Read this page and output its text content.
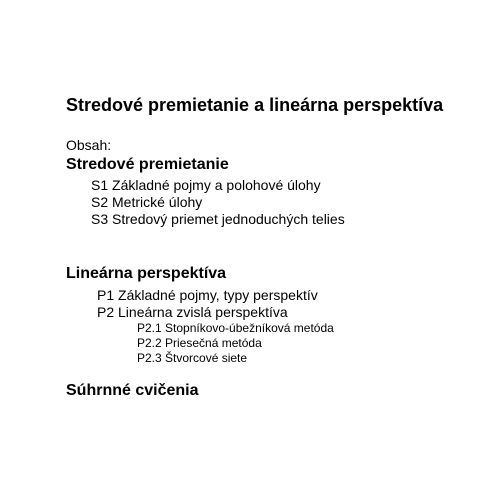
Stredové premietanie a lineárna perspektíva
Obsah:
Stredové premietanie
S1 Základné pojmy a polohové úlohy
S2 Metrické úlohy
S3 Stredový priemet jednoduchých telies
Lineárna perspektíva
P1 Základné pojmy, typy perspektív
P2 Lineárna zvislá perspektíva
P2.1 Stopníkovo-úbežníková metóda
P2.2 Priesečná metóda
P2.3 Štvorcové siete
Súhrnné cvičenia
